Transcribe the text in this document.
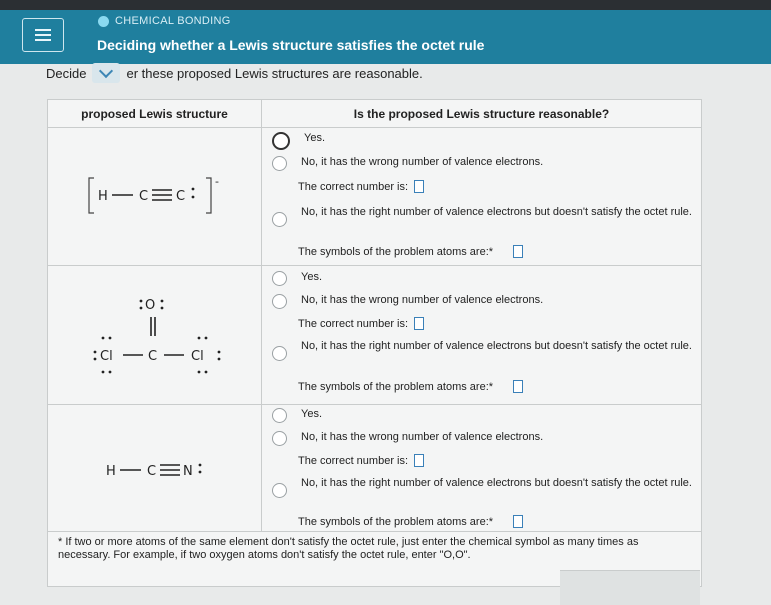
CHEMICAL BONDING
Deciding whether a Lewis structure satisfies the octet rule
Decide	er these proposed Lewis structures are reasonable.
proposed Lewis structure	Is the proposed Lewis structure reasonable?
H C C
-
Yes.
No, it has the wrong number of valence electrons.
The correct number is:
No, it has the right number of valence electrons but doesn't satisfy the octet rule.
The symbols of the problem atoms are:*
O
Cl	C	Cl
Yes.
No, it has the wrong number of valence electrons.
The correct number is:
No, it has the right number of valence electrons but doesn't satisfy the octet rule.
The symbols of the problem atoms are:*
H C N
Yes.
No, it has the wrong number of valence electrons.
The correct number is:
No, it has the right number of valence electrons but doesn't satisfy the octet rule.
The symbols of the problem atoms are:*
* If two or more atoms of the same element don't satisfy the octet rule, just enter the chemical symbol as many times as necessary. For example, if two oxygen atoms don't satisfy the octet rule, enter "O,O".
